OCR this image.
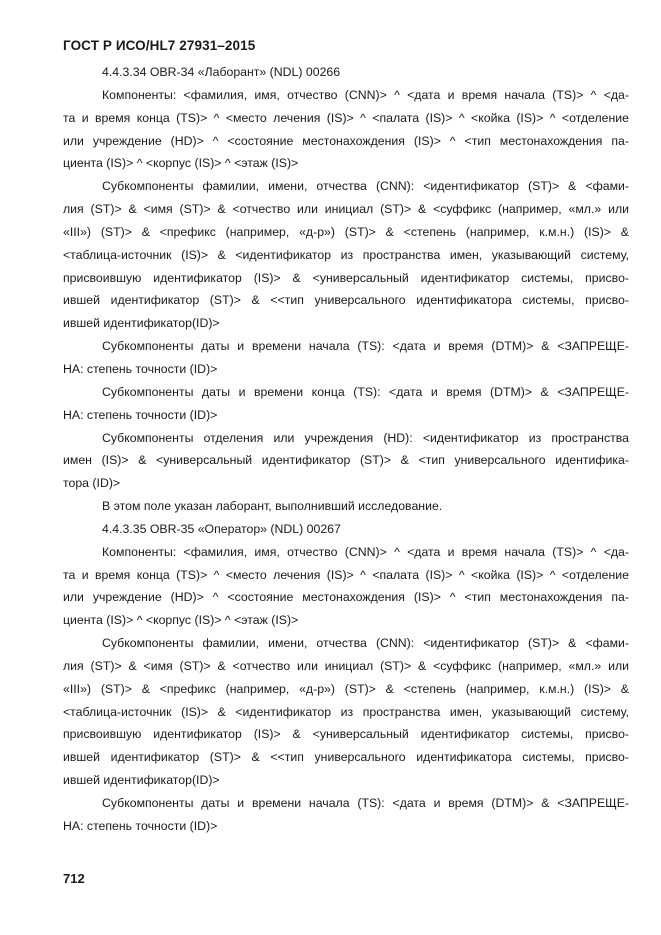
ГОСТ Р ИСО/HL7 27931–2015
4.4.3.34 OBR-34 «Лаборант» (NDL) 00266
Компоненты: <фамилия, имя, отчество (CNN)> ^ <дата и время начала (TS)> ^ <да-
та и время конца (TS)> ^ <место лечения (IS)> ^ <палата (IS)> ^ <койка (IS)> ^ <отделение
или учреждение (HD)> ^ <состояние местонахождения (IS)> ^ <тип местонахождения па-
циента (IS)> ^ <корпус (IS)> ^ <этаж (IS)>
Субкомпоненты фамилии, имени, отчества (CNN): <идентификатор (ST)> & <фами-
лия (ST)> & <имя (ST)> & <отчество или инициал (ST)> & <суффикс (например, «мл.» или
«III») (ST)> & <префикс (например, «д-р») (ST)> & <степень (например, к.м.н.) (IS)> &
<таблица-источник (IS)> & <идентификатор из пространства имен, указывающий систему,
присвоившую идентификатор (IS)> & <универсальный идентификатор системы, присво-
ившей идентификатор (ST)> & <<тип универсального идентификатора системы, присво-
ившей идентификатор(ID)>
Субкомпоненты даты и времени начала (TS): <дата и время (DTM)> & <ЗАПРЕЩЕ-
НА: степень точности (ID)>
Субкомпоненты даты и времени конца (TS): <дата и время (DTM)> & <ЗАПРЕЩЕ-
НА: степень точности (ID)>
Субкомпоненты отделения или учреждения (HD): <идентификатор из пространства
имен (IS)> & <универсальный идентификатор (ST)> & <тип универсального идентифика-
тора (ID)>
В этом поле указан лаборант, выполнивший исследование.
4.4.3.35 OBR-35 «Оператор» (NDL) 00267
Компоненты: <фамилия, имя, отчество (CNN)> ^ <дата и время начала (TS)> ^ <да-
та и время конца (TS)> ^ <место лечения (IS)> ^ <палата (IS)> ^ <койка (IS)> ^ <отделение
или учреждение (HD)> ^ <состояние местонахождения (IS)> ^ <тип местонахождения па-
циента (IS)> ^ <корпус (IS)> ^ <этаж (IS)>
Субкомпоненты фамилии, имени, отчества (CNN): <идентификатор (ST)> & <фами-
лия (ST)> & <имя (ST)> & <отчество или инициал (ST)> & <суффикс (например, «мл.» или
«III») (ST)> & <префикс (например, «д-р») (ST)> & <степень (например, к.м.н.) (IS)> &
<таблица-источник (IS)> & <идентификатор из пространства имен, указывающий систему,
присвоившую идентификатор (IS)> & <универсальный идентификатор системы, присво-
ившей идентификатор (ST)> & <<тип универсального идентификатора системы, присво-
ившей идентификатор(ID)>
Субкомпоненты даты и времени начала (TS): <дата и время (DTM)> & <ЗАПРЕЩЕ-
НА: степень точности (ID)>
712
